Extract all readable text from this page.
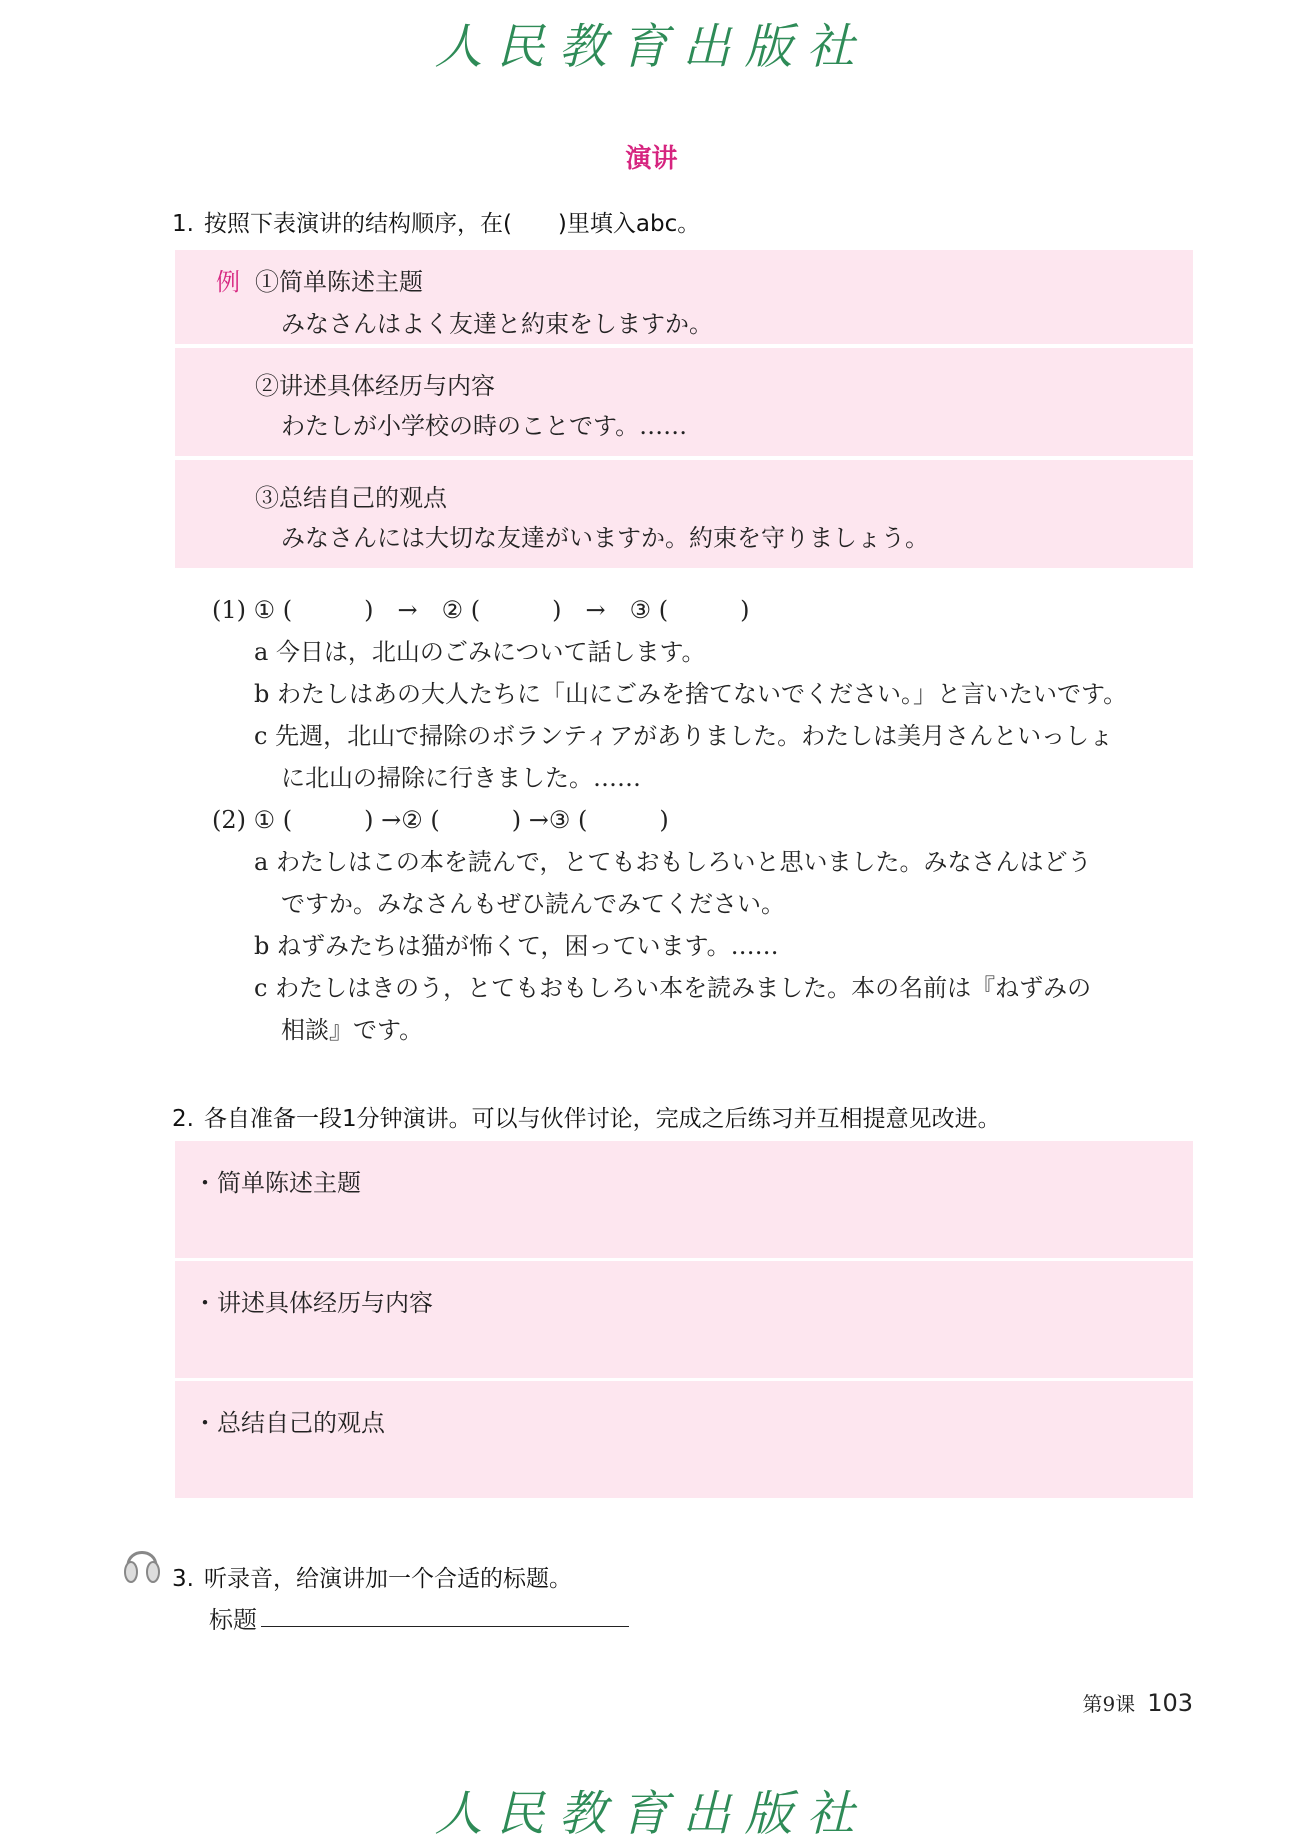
人民教育出版社
演讲
1. 按照下表演讲的结构顺序，在(　　)里填入abc。
例 ①简单陈述主题
みなさんはよく友達と約束をしますか。
②讲述具体经历与内容
わたしが小学校の時のことです。……
③总结自己的观点
みなさんには大切な友達がいますか。約束を守りましょう。
(1) ① (　　　)　→　② (　　　)　→　③ (　　　)
a 今日は，北山のごみについて話します。
b わたしはあの大人たちに「山にごみを捨てないでください。」と言いたいです。
c 先週，北山で掃除のボランティアがありました。わたしは美月さんといっしょ
に北山の掃除に行きました。……
(2) ① (　　　) →② (　　　) →③ (　　　)
a わたしはこの本を読んで，とてもおもしろいと思いました。みなさんはどう
ですか。みなさんもぜひ読んでみてください。
b ねずみたちは猫が怖くて，困っています。……
c わたしはきのう，とてもおもしろい本を読みました。本の名前は『ねずみの
相談』です。
2. 各自准备一段1分钟演讲。可以与伙伴讨论，完成之后练习并互相提意见改进。
・简单陈述主题
・讲述具体经历与内容
・总结自己的观点
3. 听录音，给演讲加一个合适的标题。
标题
第9课 103
人民教育出版社
